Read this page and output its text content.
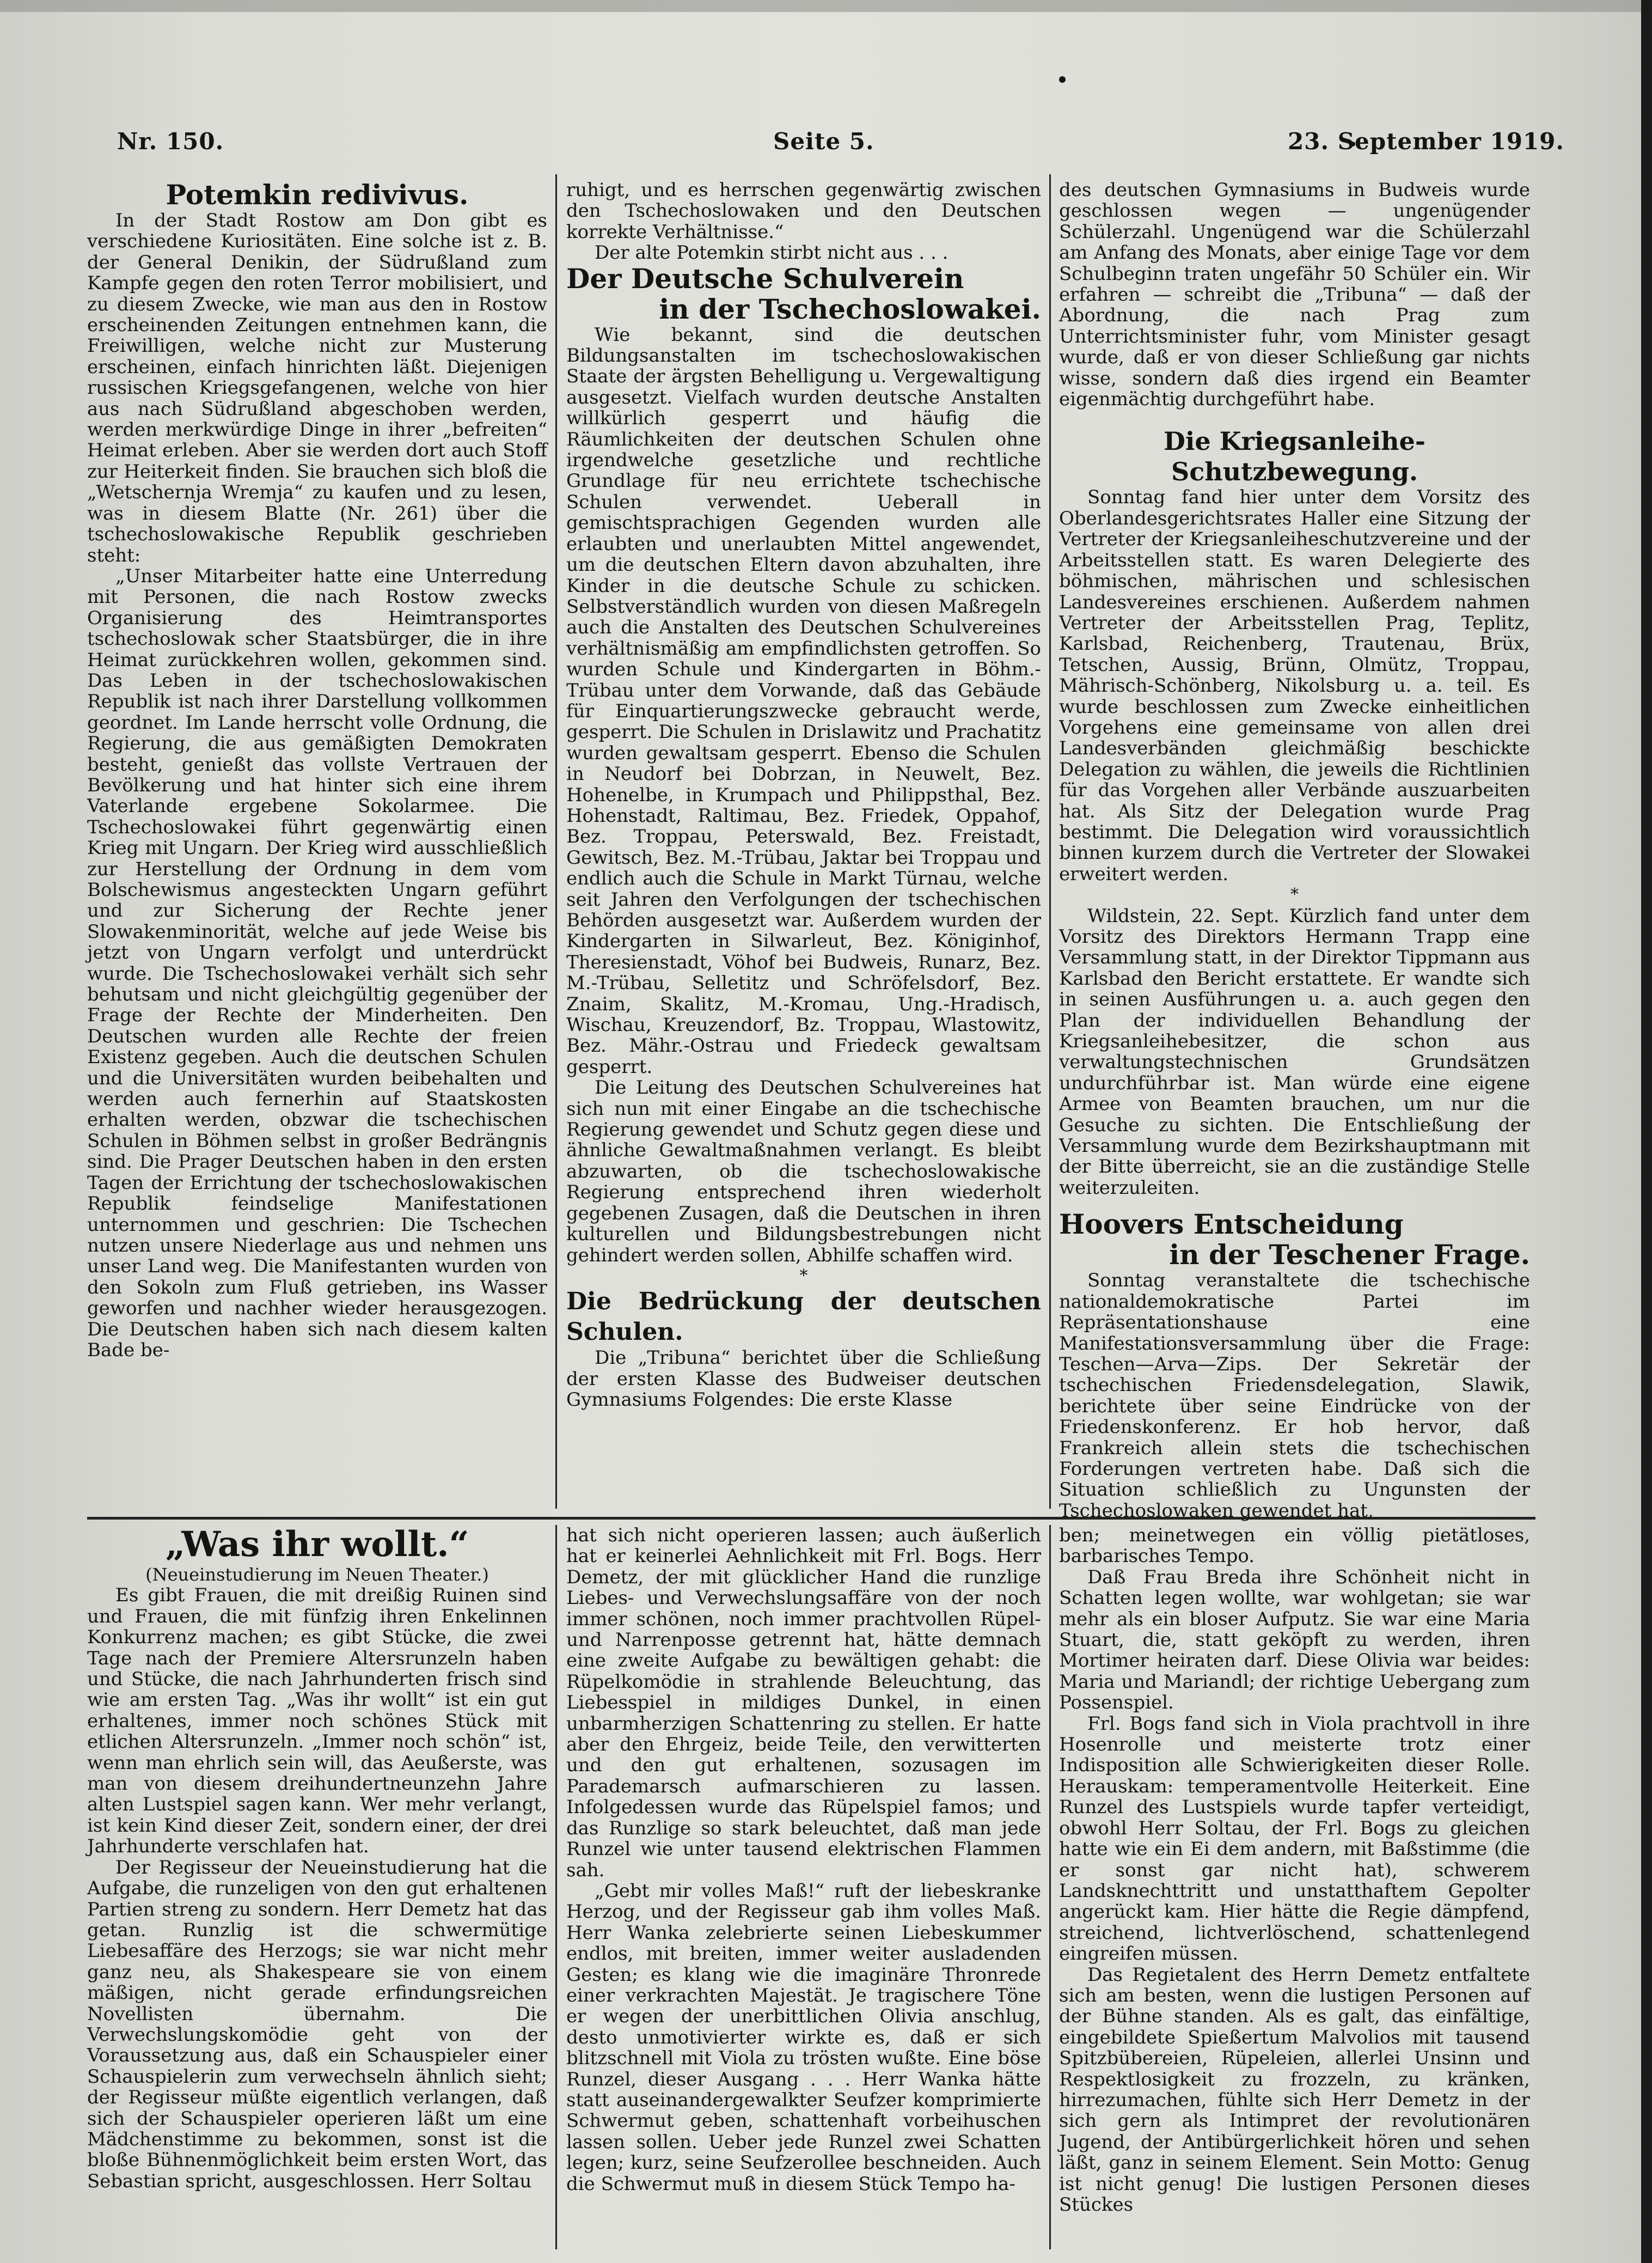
Nr. 150.	Seite 5.	23. September 1919.

Potemkin redivivus.

In der Stadt Rostow am Don gibt es verschiedene Kuriositäten. Eine solche ist z. B. der General Denikin, der Südrußland zum Kampfe gegen den roten Terror mobilisiert, und zu diesem Zwecke, wie man aus den in Rostow erscheinenden Zeitungen entnehmen kann, die Freiwilligen, welche nicht zur Musterung erscheinen, einfach hinrichten läßt. Diejenigen russischen Kriegsgefangenen, welche von hier aus nach Südrußland abgeschoben werden, werden merkwürdige Dinge in ihrer „befreiten“ Heimat erleben. Aber sie werden dort auch Stoff zur Heiterkeit finden. Sie brauchen sich bloß die „Wetschernja Wremja“ zu kaufen und zu lesen, was in diesem Blatte (Nr. 261) über die tschechoslowakische Republik geschrieben steht:

„Unser Mitarbeiter hatte eine Unterredung mit Personen, die nach Rostow zwecks Organisierung des Heimtransportes tschechoslowak scher Staatsbürger, die in ihre Heimat zurückkehren wollen, gekommen sind. Das Leben in der tschechoslowakischen Republik ist nach ihrer Darstellung vollkommen geordnet. Im Lande herrscht volle Ordnung, die Regierung, die aus gemäßigten Demokraten besteht, genießt das vollste Vertrauen der Bevölkerung und hat hinter sich eine ihrem Vaterlande ergebene Sokolarmee. Die Tschechoslowakei führt gegenwärtig einen Krieg mit Ungarn. Der Krieg wird ausschließlich zur Herstellung der Ordnung in dem vom Bolschewismus angesteckten Ungarn geführt und zur Sicherung der Rechte jener Slowakenminorität, welche auf jede Weise bis jetzt von Ungarn verfolgt und unterdrückt wurde. Die Tschechoslowakei verhält sich sehr behutsam und nicht gleichgültig gegenüber der Frage der Rechte der Minderheiten. Den Deutschen wurden alle Rechte der freien Existenz gegeben. Auch die deutschen Schulen und die Universitäten wurden beibehalten und werden auch fernerhin auf Staatskosten erhalten werden, obzwar die tschechischen Schulen in Böhmen selbst in großer Bedrängnis sind. Die Prager Deutschen haben in den ersten Tagen der Errichtung der tschechoslowakischen Republik feindselige Manifestationen unternommen und geschrien: Die Tschechen nutzen unsere Niederlage aus und nehmen uns unser Land weg. Die Manifestanten wurden von den Sokoln zum Fluß getrieben, ins Wasser geworfen und nachher wieder herausgezogen. Die Deutschen haben sich nach diesem kalten Bade be-

ruhigt, und es herrschen gegenwärtig zwischen den Tschechoslowaken und den Deutschen korrekte Verhältnisse.“

Der alte Potemkin stirbt nicht aus . . .

Der Deutsche Schulverein
in der Tschechoslowakei.

Wie bekannt, sind die deutschen Bildungsanstalten im tschechoslowakischen Staate der ärgsten Behelligung u. Vergewaltigung ausgesetzt. Vielfach wurden deutsche Anstalten willkürlich gesperrt und häufig die Räumlichkeiten der deutschen Schulen ohne irgendwelche gesetzliche und rechtliche Grundlage für neu errichtete tschechische Schulen verwendet. Ueberall in gemischtsprachigen Gegenden wurden alle erlaubten und unerlaubten Mittel angewendet, um die deutschen Eltern davon abzuhalten, ihre Kinder in die deutsche Schule zu schicken. Selbstverständlich wurden von diesen Maßregeln auch die Anstalten des Deutschen Schulvereines verhältnismäßig am empfindlichsten getroffen. So wurden Schule und Kindergarten in Böhm.-Trübau unter dem Vorwande, daß das Gebäude für Einquartierungszwecke gebraucht werde, gesperrt. Die Schulen in Drislawitz und Prachatitz wurden gewaltsam gesperrt. Ebenso die Schulen in Neudorf bei Dobrzan, in Neuwelt, Bez. Hohenelbe, in Krumpach und Philippsthal, Bez. Hohenstadt, Raltimau, Bez. Friedek, Oppahof, Bez. Troppau, Peterswald, Bez. Freistadt, Gewitsch, Bez. M.-Trübau, Jaktar bei Troppau und endlich auch die Schule in Markt Türnau, welche seit Jahren den Verfolgungen der tschechischen Behörden ausgesetzt war. Außerdem wurden der Kindergarten in Silwarleut, Bez. Königinhof, Theresienstadt, Vöhof bei Budweis, Runarz, Bez. M.-Trübau, Selletitz und Schröfelsdorf, Bez. Znaim, Skalitz, M.-Kromau, Ung.-Hradisch, Wischau, Kreuzendorf, Bz. Troppau, Wlastowitz, Bez. Mähr.-Ostrau und Friedeck gewaltsam gesperrt.

Die Leitung des Deutschen Schulvereines hat sich nun mit einer Eingabe an die tschechische Regierung gewendet und Schutz gegen diese und ähnliche Gewaltmaßnahmen verlangt. Es bleibt abzuwarten, ob die tschechoslowakische Regierung entsprechend ihren wiederholt gegebenen Zusagen, daß die Deutschen in ihren kulturellen und Bildungsbestrebungen nicht gehindert werden sollen, Abhilfe schaffen wird.

*

Die Bedrückung der deutschen Schulen.

Die „Tribuna“ berichtet über die Schließung der ersten Klasse des Budweiser deutschen Gymnasiums Folgendes: Die erste Klasse

des deutschen Gymnasiums in Budweis wurde geschlossen wegen — ungenügender Schülerzahl. Ungenügend war die Schülerzahl am Anfang des Monats, aber einige Tage vor dem Schulbeginn traten ungefähr 50 Schüler ein. Wir erfahren — schreibt die „Tribuna“ — daß der Abordnung, die nach Prag zum Unterrichtsminister fuhr, vom Minister gesagt wurde, daß er von dieser Schließung gar nichts wisse, sondern daß dies irgend ein Beamter eigenmächtig durchgeführt habe.

Die Kriegsanleihe-Schutzbewegung.

Sonntag fand hier unter dem Vorsitz des Oberlandesgerichtsrates Haller eine Sitzung der Vertreter der Kriegsanleiheschutzvereine und der Arbeitsstellen statt. Es waren Delegierte des böhmischen, mährischen und schlesischen Landesvereines erschienen. Außerdem nahmen Vertreter der Arbeitsstellen Prag, Teplitz, Karlsbad, Reichenberg, Trautenau, Brüx, Tetschen, Aussig, Brünn, Olmütz, Troppau, Mährisch-Schönberg, Nikolsburg u. a. teil. Es wurde beschlossen zum Zwecke einheitlichen Vorgehens eine gemeinsame von allen drei Landesverbänden gleichmäßig beschickte Delegation zu wählen, die jeweils die Richtlinien für das Vorgehen aller Verbände auszuarbeiten hat. Als Sitz der Delegation wurde Prag bestimmt. Die Delegation wird voraussichtlich binnen kurzem durch die Vertreter der Slowakei erweitert werden.

*

Wildstein, 22. Sept. Kürzlich fand unter dem Vorsitz des Direktors Hermann Trapp eine Versammlung statt, in der Direktor Tippmann aus Karlsbad den Bericht erstattete. Er wandte sich in seinen Ausführungen u. a. auch gegen den Plan der individuellen Behandlung der Kriegsanleihebesitzer, die schon aus verwaltungstechnischen Grundsätzen undurchführbar ist. Man würde eine eigene Armee von Beamten brauchen, um nur die Gesuche zu sichten. Die Entschließung der Versammlung wurde dem Bezirkshauptmann mit der Bitte überreicht, sie an die zuständige Stelle weiterzuleiten.

Hoovers Entscheidung
in der Teschener Frage.

Sonntag veranstaltete die tschechische nationaldemokratische Partei im Repräsentationshause eine Manifestationsversammlung über die Frage: Teschen—Arva—Zips. Der Sekretär der tschechischen Friedensdelegation, Slawik, berichtete über seine Eindrücke von der Friedenskonferenz. Er hob hervor, daß Frankreich allein stets die tschechischen Forderungen vertreten habe. Daß sich die Situation schließlich zu Ungunsten der Tschechoslowaken gewendet hat,

„Was ihr wollt.“

(Neueinstudierung im Neuen Theater.)

Es gibt Frauen, die mit dreißig Ruinen sind und Frauen, die mit fünfzig ihren Enkelinnen Konkurrenz machen; es gibt Stücke, die zwei Tage nach der Premiere Altersrunzeln haben und Stücke, die nach Jahrhunderten frisch sind wie am ersten Tag. „Was ihr wollt“ ist ein gut erhaltenes, immer noch schönes Stück mit etlichen Altersrunzeln. „Immer noch schön“ ist, wenn man ehrlich sein will, das Aeußerste, was man von diesem dreihundertneunzehn Jahre alten Lustspiel sagen kann. Wer mehr verlangt, ist kein Kind dieser Zeit, sondern einer, der drei Jahrhunderte verschlafen hat.

Der Regisseur der Neueinstudierung hat die Aufgabe, die runzeligen von den gut erhaltenen Partien streng zu sondern. Herr Demetz hat das getan. Runzlig ist die schwermütige Liebesaffäre des Herzogs; sie war nicht mehr ganz neu, als Shakespeare sie von einem mäßigen, nicht gerade erfindungsreichen Novellisten übernahm. Die Verwechslungskomödie geht von der Voraussetzung aus, daß ein Schauspieler einer Schauspielerin zum verwechseln ähnlich sieht; der Regisseur müßte eigentlich verlangen, daß sich der Schauspieler operieren läßt um eine Mädchenstimme zu bekommen, sonst ist die bloße Bühnenmöglichkeit beim ersten Wort, das Sebastian spricht, ausgeschlossen. Herr Soltau

hat sich nicht operieren lassen; auch äußerlich hat er keinerlei Aehnlichkeit mit Frl. Bogs. Herr Demetz, der mit glücklicher Hand die runzlige Liebes- und Verwechslungsaffäre von der noch immer schönen, noch immer prachtvollen Rüpel- und Narrenposse getrennt hat, hätte demnach eine zweite Aufgabe zu bewältigen gehabt: die Rüpelkomödie in strahlende Beleuchtung, das Liebesspiel in mildiges Dunkel, in einen unbarmherzigen Schattenring zu stellen. Er hatte aber den Ehrgeiz, beide Teile, den verwitterten und den gut erhaltenen, sozusagen im Parademarsch aufmarschieren zu lassen. Infolgedessen wurde das Rüpelspiel famos; und das Runzlige so stark beleuchtet, daß man jede Runzel wie unter tausend elektrischen Flammen sah.

„Gebt mir volles Maß!“ ruft der liebeskranke Herzog, und der Regisseur gab ihm volles Maß. Herr Wanka zelebrierte seinen Liebeskummer endlos, mit breiten, immer weiter ausladenden Gesten; es klang wie die imaginäre Thronrede einer verkrachten Majestät. Je tragischere Töne er wegen der unerbittlichen Olivia anschlug, desto unmotivierter wirkte es, daß er sich blitzschnell mit Viola zu trösten wußte. Eine böse Runzel, dieser Ausgang . . . Herr Wanka hätte statt auseinandergewalkter Seufzer komprimierte Schwermut geben, schattenhaft vorbeihuschen lassen sollen. Ueber jede Runzel zwei Schatten legen; kurz, seine Seufzerollee beschneiden. Auch die Schwermut muß in diesem Stück Tempo ha-

ben; meinetwegen ein völlig pietätloses, barbarisches Tempo.

Daß Frau Breda ihre Schönheit nicht in Schatten legen wollte, war wohlgetan; sie war mehr als ein bloser Aufputz. Sie war eine Maria Stuart, die, statt geköpft zu werden, ihren Mortimer heiraten darf. Diese Olivia war beides: Maria und Mariandl; der richtige Uebergang zum Possenspiel.

Frl. Bogs fand sich in Viola prachtvoll in ihre Hosenrolle und meisterte trotz einer Indisposition alle Schwierigkeiten dieser Rolle. Herauskam: temperamentvolle Heiterkeit. Eine Runzel des Lustspiels wurde tapfer verteidigt, obwohl Herr Soltau, der Frl. Bogs zu gleichen hatte wie ein Ei dem andern, mit Baßstimme (die er sonst gar nicht hat), schwerem Landsknechttritt und unstatthaftem Gepolter angerückt kam. Hier hätte die Regie dämpfend, streichend, lichtverlöschend, schattenlegend eingreifen müssen.

Das Regietalent des Herrn Demetz entfaltete sich am besten, wenn die lustigen Personen auf der Bühne standen. Als es galt, das einfältige, eingebildete Spießertum Malvolios mit tausend Spitzbübereien, Rüpeleien, allerlei Unsinn und Respektlosigkeit zu frozzeln, zu kränken, hirrezumachen, fühlte sich Herr Demetz in der sich gern als Intimpret der revolutionären Jugend, der Antibürgerlichkeit hören und sehen läßt, ganz in seinem Element. Sein Motto: Genug ist nicht genug! Die lustigen Personen dieses Stückes
